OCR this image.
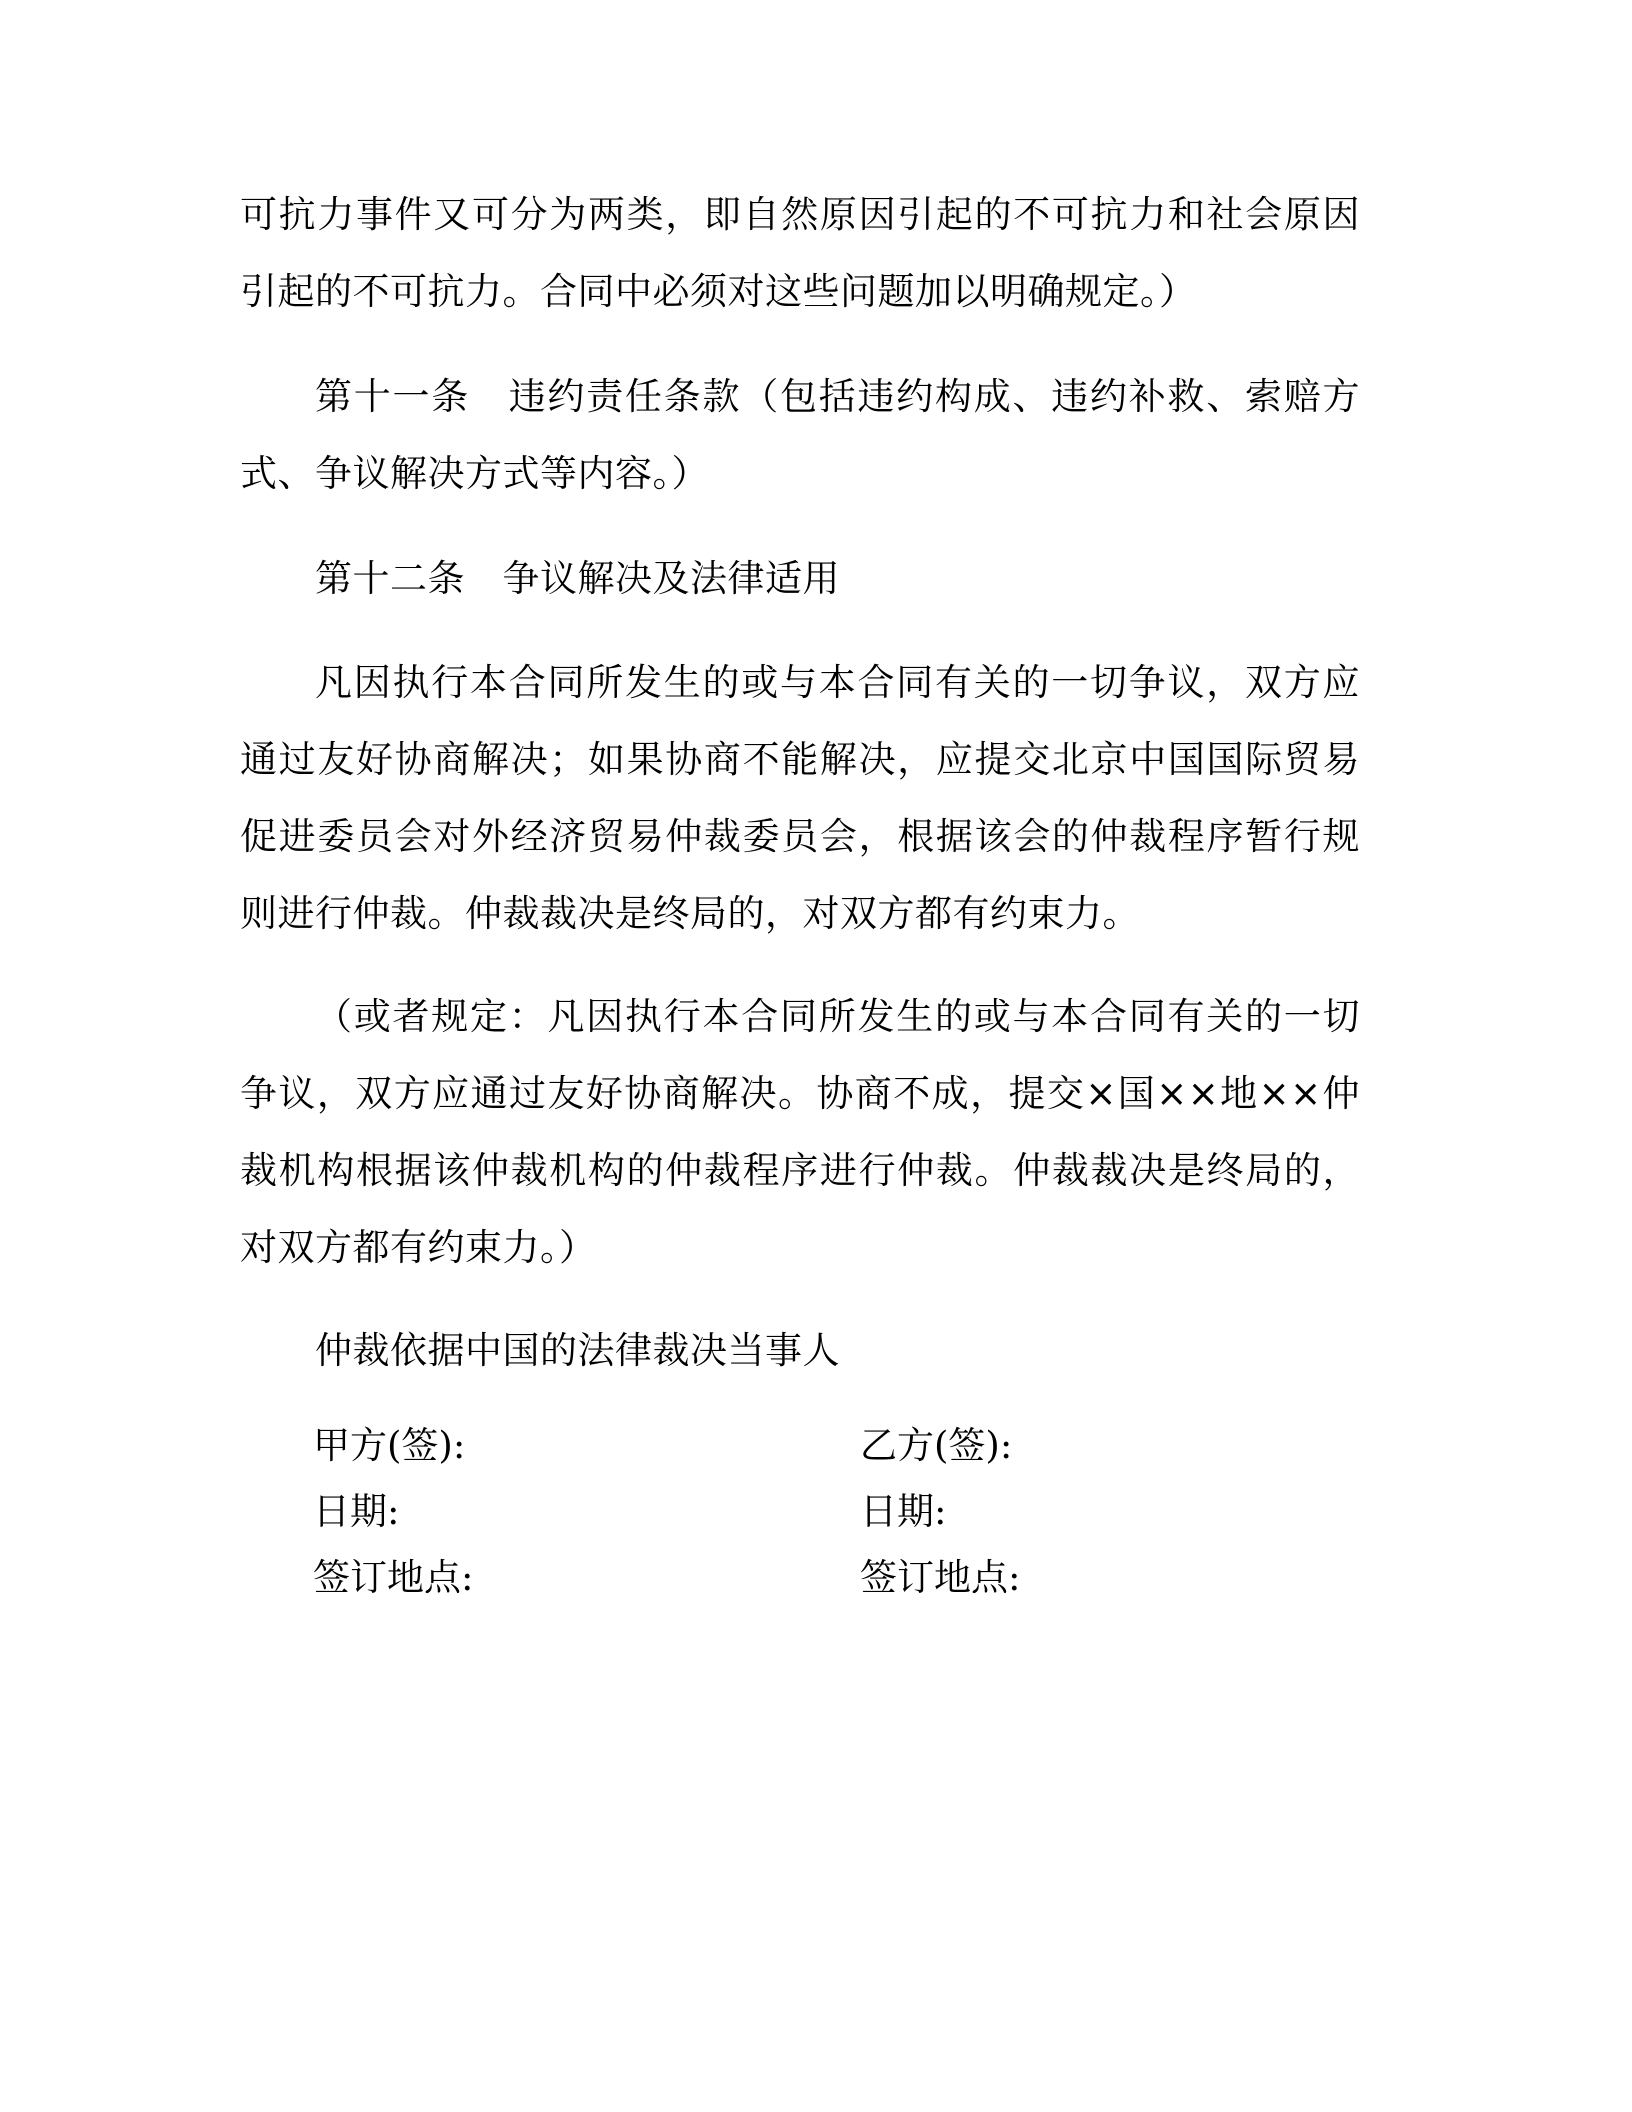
可抗力事件又可分为两类，即自然原因引起的不可抗力和社会原因引起的不可抗力。合同中必须对这些问题加以明确规定。）

第十一条　违约责任条款（包括违约构成、违约补救、索赔方式、争议解决方式等内容。）

第十二条　争议解决及法律适用

凡因执行本合同所发生的或与本合同有关的一切争议，双方应通过友好协商解决；如果协商不能解决，应提交北京中国国际贸易促进委员会对外经济贸易仲裁委员会，根据该会的仲裁程序暂行规则进行仲裁。仲裁裁决是终局的，对双方都有约束力。

（或者规定：凡因执行本合同所发生的或与本合同有关的一切争议，双方应通过友好协商解决。协商不成，提交×国××地××仲裁机构根据该仲裁机构的仲裁程序进行仲裁。仲裁裁决是终局的，对双方都有约束力。）

仲裁依据中国的法律裁决当事人

甲方(签):
日期:
签订地点:
乙方(签):
日期:
签订地点:
